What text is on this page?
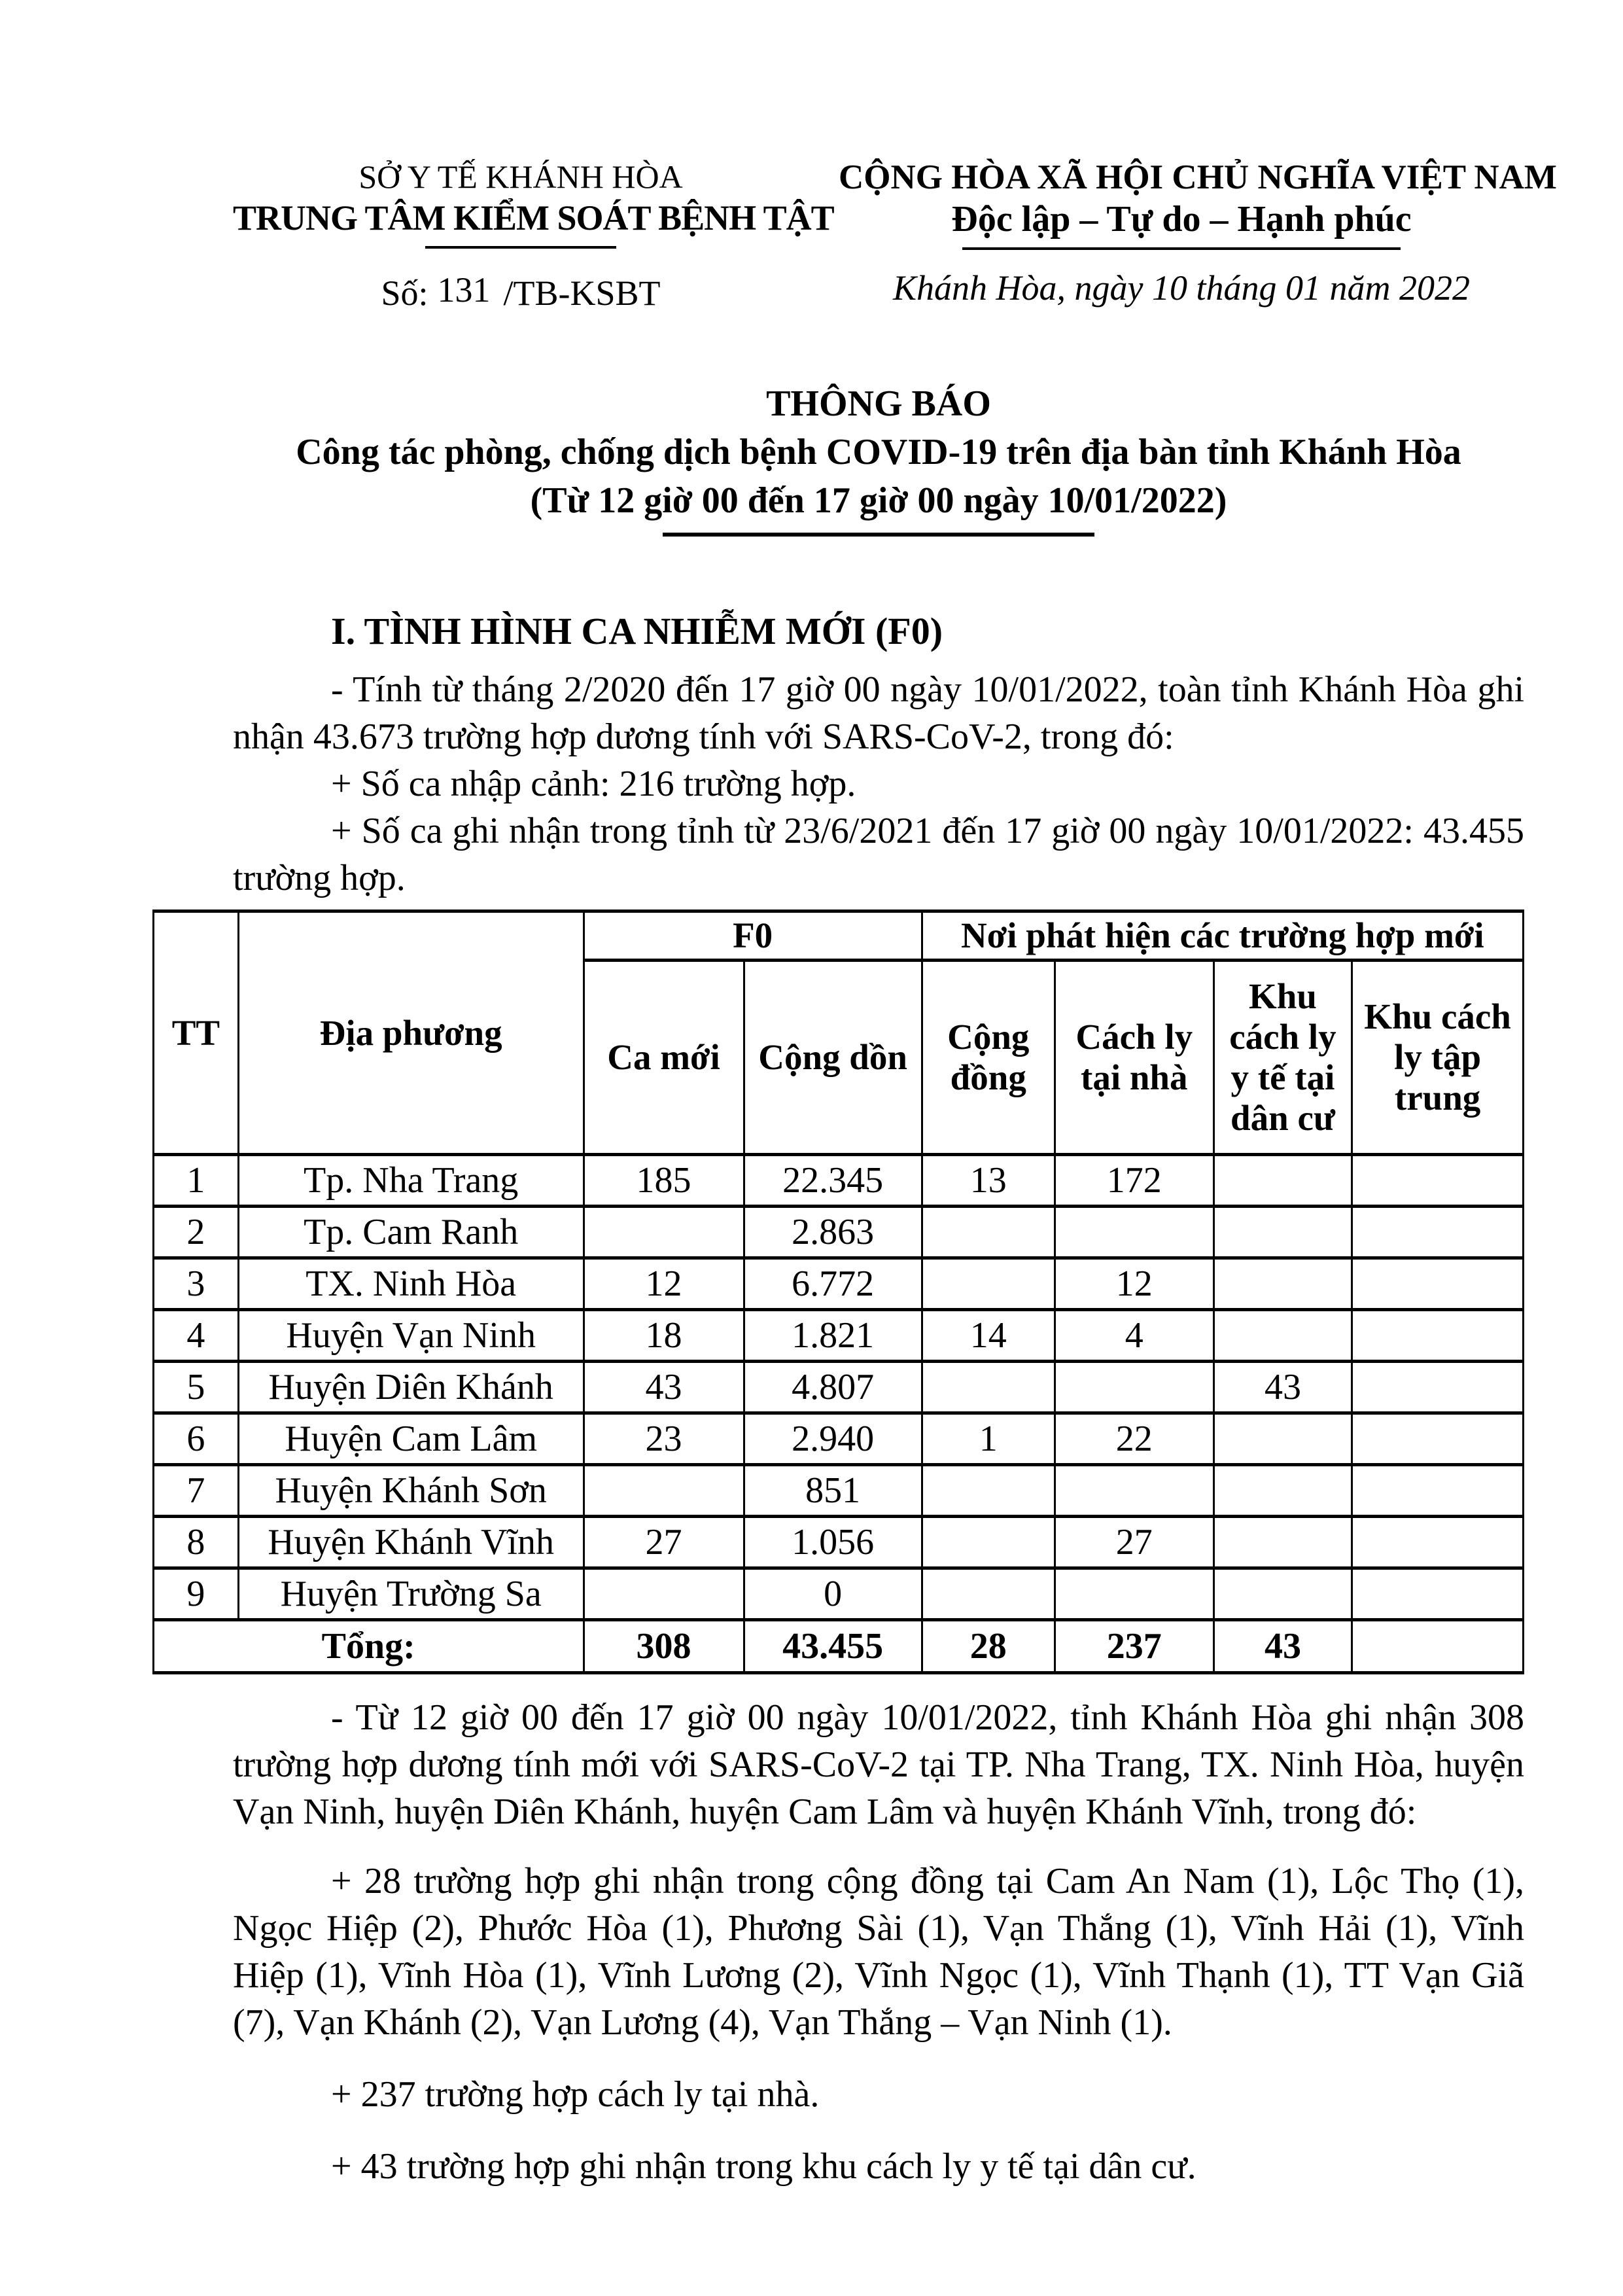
SỞ Y TẾ KHÁNH HÒA
TRUNG TÂM KIỂM SOÁT BỆNH TẬT
Số: 131 /TB-KSBT
CỘNG HÒA XÃ HỘI CHỦ NGHĨA VIỆT NAM
Độc lập – Tự do – Hạnh phúc
Khánh Hòa, ngày 10 tháng 01 năm 2022
THÔNG BÁO
Công tác phòng, chống dịch bệnh COVID-19 trên địa bàn tỉnh Khánh Hòa
(Từ 12 giờ 00 đến 17 giờ 00 ngày 10/01/2022)
I. TÌNH HÌNH CA NHIỄM MỚI (F0)

- Tính từ tháng 2/2020 đến 17 giờ 00 ngày 10/01/2022, toàn tỉnh Khánh Hòa ghi nhận 43.673 trường hợp dương tính với SARS-CoV-2, trong đó:

+ Số ca nhập cảnh: 216 trường hợp.

+ Số ca ghi nhận trong tỉnh từ 23/6/2021 đến 17 giờ 00 ngày 10/01/2022: 43.455 trường hợp.

TT	Địa phương	F0		Nơi phát hiện các trường hợp mới			
		Ca mới	Cộng dồn	Cộng đồng	Cách ly tại nhà	Khu cách ly y tế tại dân cư	Khu cách ly tập trung
1	Tp. Nha Trang	185	22.345	13	172		
2	Tp. Cam Ranh		2.863				
3	TX. Ninh Hòa	12	6.772		12		
4	Huyện Vạn Ninh	18	1.821	14	4		
5	Huyện Diên Khánh	43	4.807			43	
6	Huyện Cam Lâm	23	2.940	1	22		
7	Huyện Khánh Sơn		851				
8	Huyện Khánh Vĩnh	27	1.056		27		
9	Huyện Trường Sa		0				
Tổng:		308	43.455	28	237	43	

- Từ 12 giờ 00 đến 17 giờ 00 ngày 10/01/2022, tỉnh Khánh Hòa ghi nhận 308 trường hợp dương tính mới với SARS-CoV-2 tại TP. Nha Trang, TX. Ninh Hòa, huyện Vạn Ninh, huyện Diên Khánh, huyện Cam Lâm và huyện Khánh Vĩnh, trong đó:

+ 28 trường hợp ghi nhận trong cộng đồng tại Cam An Nam (1), Lộc Thọ (1), Ngọc Hiệp (2), Phước Hòa (1), Phương Sài (1), Vạn Thắng (1), Vĩnh Hải (1), Vĩnh Hiệp (1), Vĩnh Hòa (1), Vĩnh Lương (2), Vĩnh Ngọc (1), Vĩnh Thạnh (1), TT Vạn Giã (7), Vạn Khánh (2), Vạn Lương (4), Vạn Thắng – Vạn Ninh (1).

+ 237 trường hợp cách ly tại nhà.

+ 43 trường hợp ghi nhận trong khu cách ly y tế tại dân cư.
